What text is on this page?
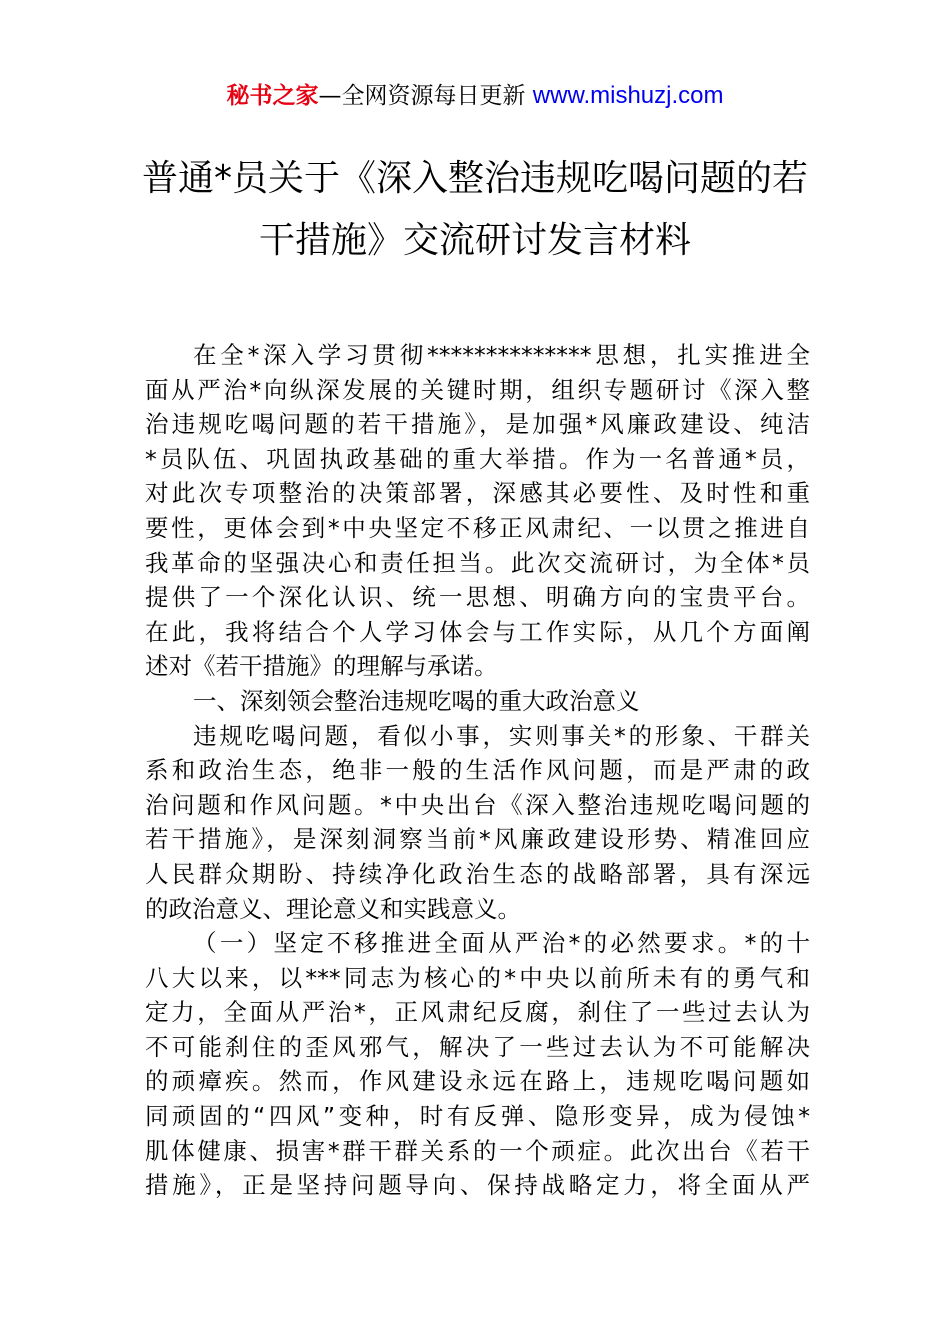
秘书之家—全网资源每日更新 www.mishuzj.com
普通*员关于《深入整治违规吃喝问题的若
干措施》交流研讨发言材料
在全*深入学习贯彻**************思想，扎实推进全
面从严治*向纵深发展的关键时期，组织专题研讨《深入整
治违规吃喝问题的若干措施》，是加强*风廉政建设、纯洁
*员队伍、巩固执政基础的重大举措。作为一名普通*员，
对此次专项整治的决策部署，深感其必要性、及时性和重
要性，更体会到*中央坚定不移正风肃纪、一以贯之推进自
我革命的坚强决心和责任担当。此次交流研讨，为全体*员
提供了一个深化认识、统一思想、明确方向的宝贵平台。
在此，我将结合个人学习体会与工作实际，从几个方面阐
述对《若干措施》的理解与承诺。
一、深刻领会整治违规吃喝的重大政治意义
违规吃喝问题，看似小事，实则事关*的形象、干群关
系和政治生态，绝非一般的生活作风问题，而是严肃的政
治问题和作风问题。*中央出台《深入整治违规吃喝问题的
若干措施》，是深刻洞察当前*风廉政建设形势、精准回应
人民群众期盼、持续净化政治生态的战略部署，具有深远
的政治意义、理论意义和实践意义。
（一）坚定不移推进全面从严治*的必然要求。*的十
八大以来，以***同志为核心的*中央以前所未有的勇气和
定力，全面从严治*，正风肃纪反腐，刹住了一些过去认为
不可能刹住的歪风邪气，解决了一些过去认为不可能解决
的顽瘴疾。然而，作风建设永远在路上，违规吃喝问题如
同顽固的“四风”变种，时有反弹、隐形变异，成为侵蚀*
肌体健康、损害*群干群关系的一个顽症。此次出台《若干
措施》，正是坚持问题导向、保持战略定力，将全面从严
